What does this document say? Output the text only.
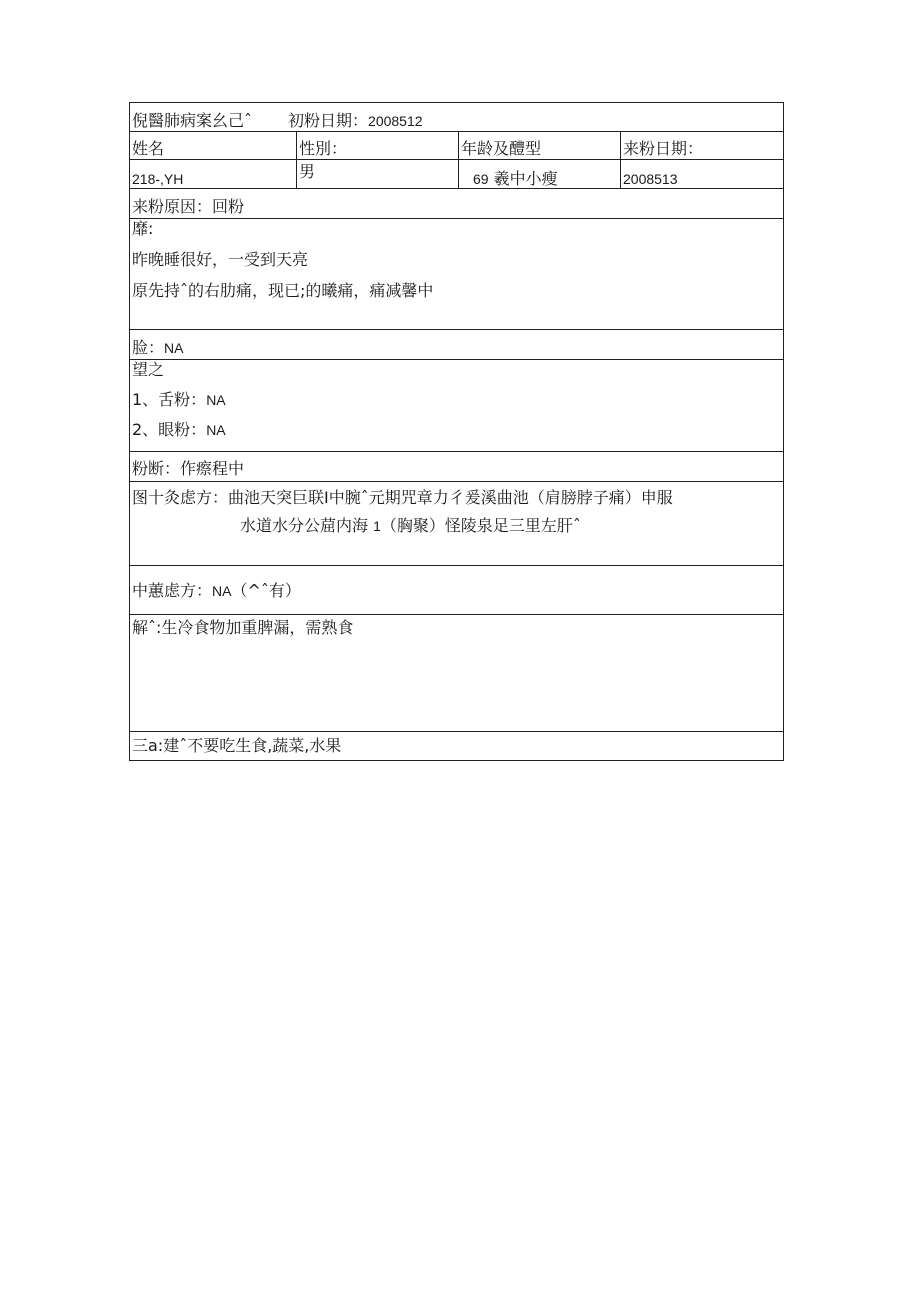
倪醫肺病案幺己ˆ 初粉日期：2008512			
姓名	性別：	年龄及醴型	来粉日期：
218-,YH	男	69 羲中小瘦	2008513
来粉原因：回粉			

靡:
昨晚睡很好，一受到天亮
原先持ˆ的右肋痛，现已;的曦痛，痛减馨中			

脸：NA			

望之
1、舌粉：NA
2、眼粉：NA			

粉断：作瘵程中			

图十灸虑方：曲池天突巨联I中腕ˆ元期咒章力彳爰溪曲池（肩膀脖子痛）申服
水道水分公䓛内海 1（胸聚）怪陵泉足三里左肝ˆ			

中蕙虑方：NA（^ˆ有）			
解ˆ:生冷食物加重脾漏，需熟食			
三a:建ˆ不要吃生食,蔬菜,水果			
